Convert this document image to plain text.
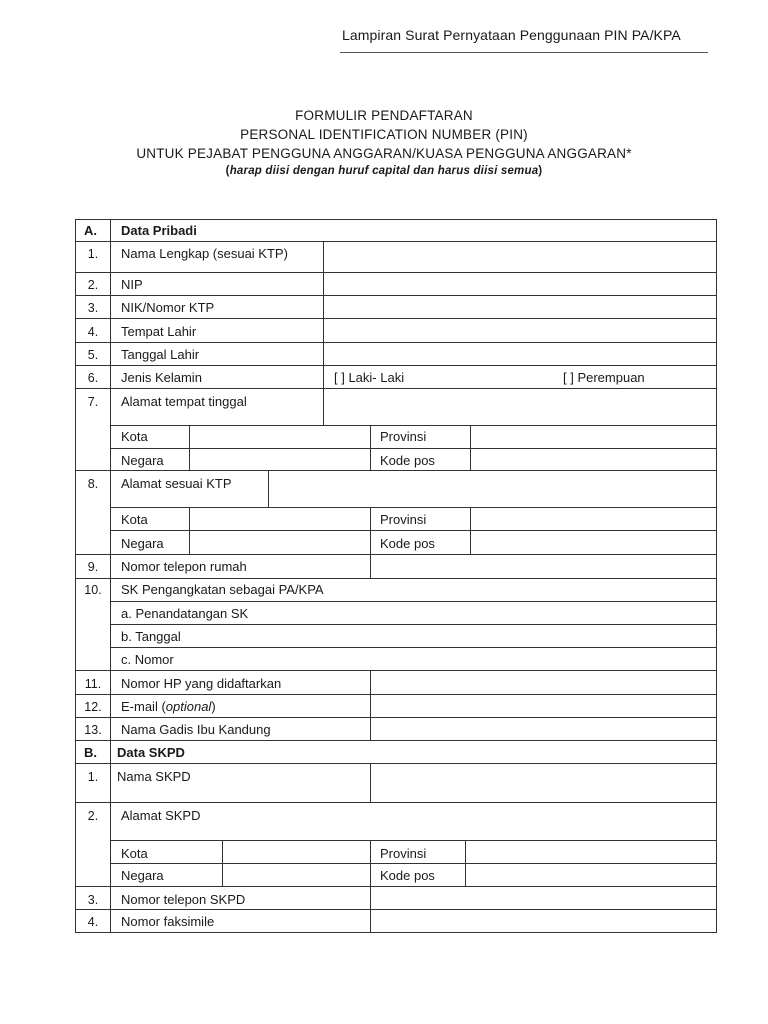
Lampiran Surat Pernyataan Penggunaan PIN PA/KPA
FORMULIR PENDAFTARAN
PERSONAL IDENTIFICATION NUMBER (PIN)
UNTUK PEJABAT PENGGUNA ANGGARAN/KUASA PENGGUNA ANGGARAN*
(harap diisi dengan huruf capital dan harus diisi semua)
A. Data Pribadi
1.	Nama Lengkap (sesuai KTP)
2.	NIP
3.	NIK/Nomor KTP
4.	Tempat Lahir
5.	Tanggal Lahir
6.	Jenis Kelamin	[ ] Laki- Laki	[ ] Perempuan
7.	Alamat tempat tinggal
Kota	Provinsi
Negara	Kode pos
8.	Alamat sesuai KTP
Kota	Provinsi
Negara	Kode pos
9.	Nomor telepon rumah
10.	SK Pengangkatan sebagai PA/KPA
a. Penandatangan SK
b. Tanggal
c. Nomor
11.	Nomor HP yang didaftarkan
12.	E-mail (optional)
13.	Nama Gadis Ibu Kandung
B. Data SKPD
1.	Nama SKPD
2.	Alamat SKPD
Kota	Provinsi
Negara	Kode pos
3.	Nomor telepon SKPD
4.	Nomor faksimile
